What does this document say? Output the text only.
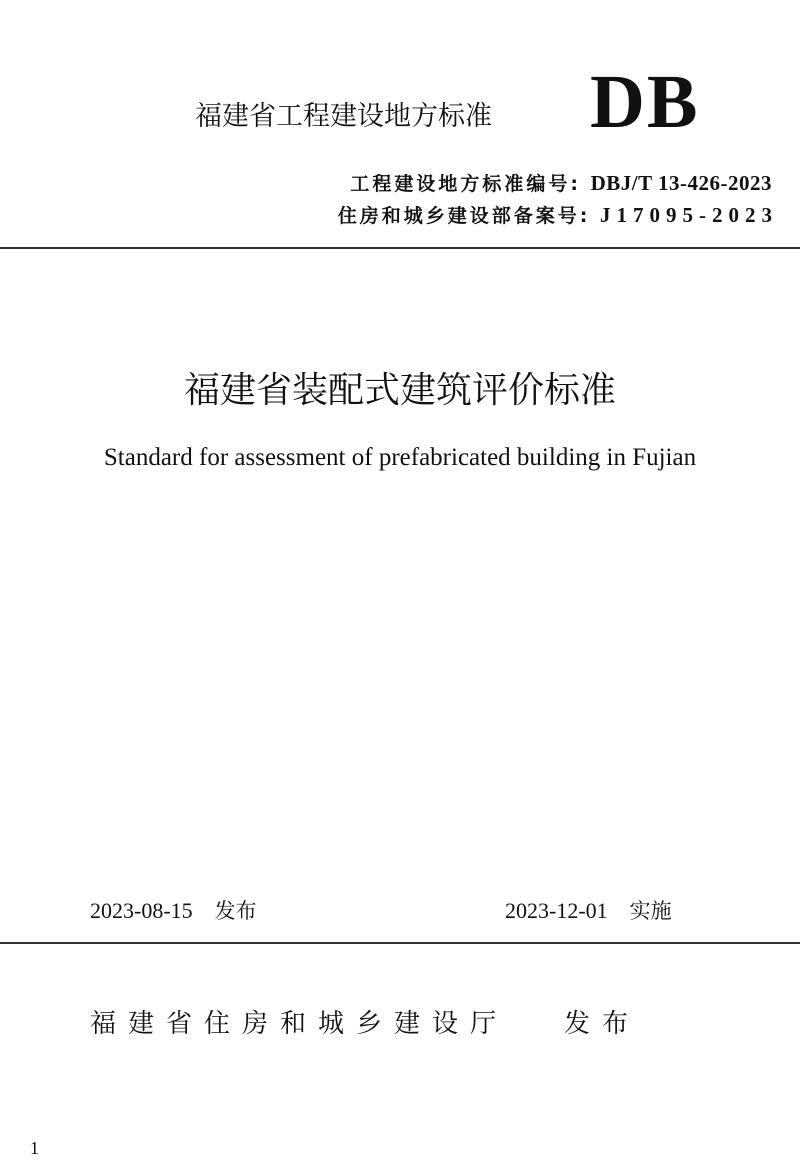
福建省工程建设地方标准 DB
工程建设地方标准编号: DBJ/T 13-426-2023
住房和城乡建设部备案号: J17095-2023
福建省装配式建筑评价标准
Standard for assessment of prefabricated building in Fujian
2023-08-15 发布	2023-12-01 实施
福建省住房和城乡建设厅 发布
1
